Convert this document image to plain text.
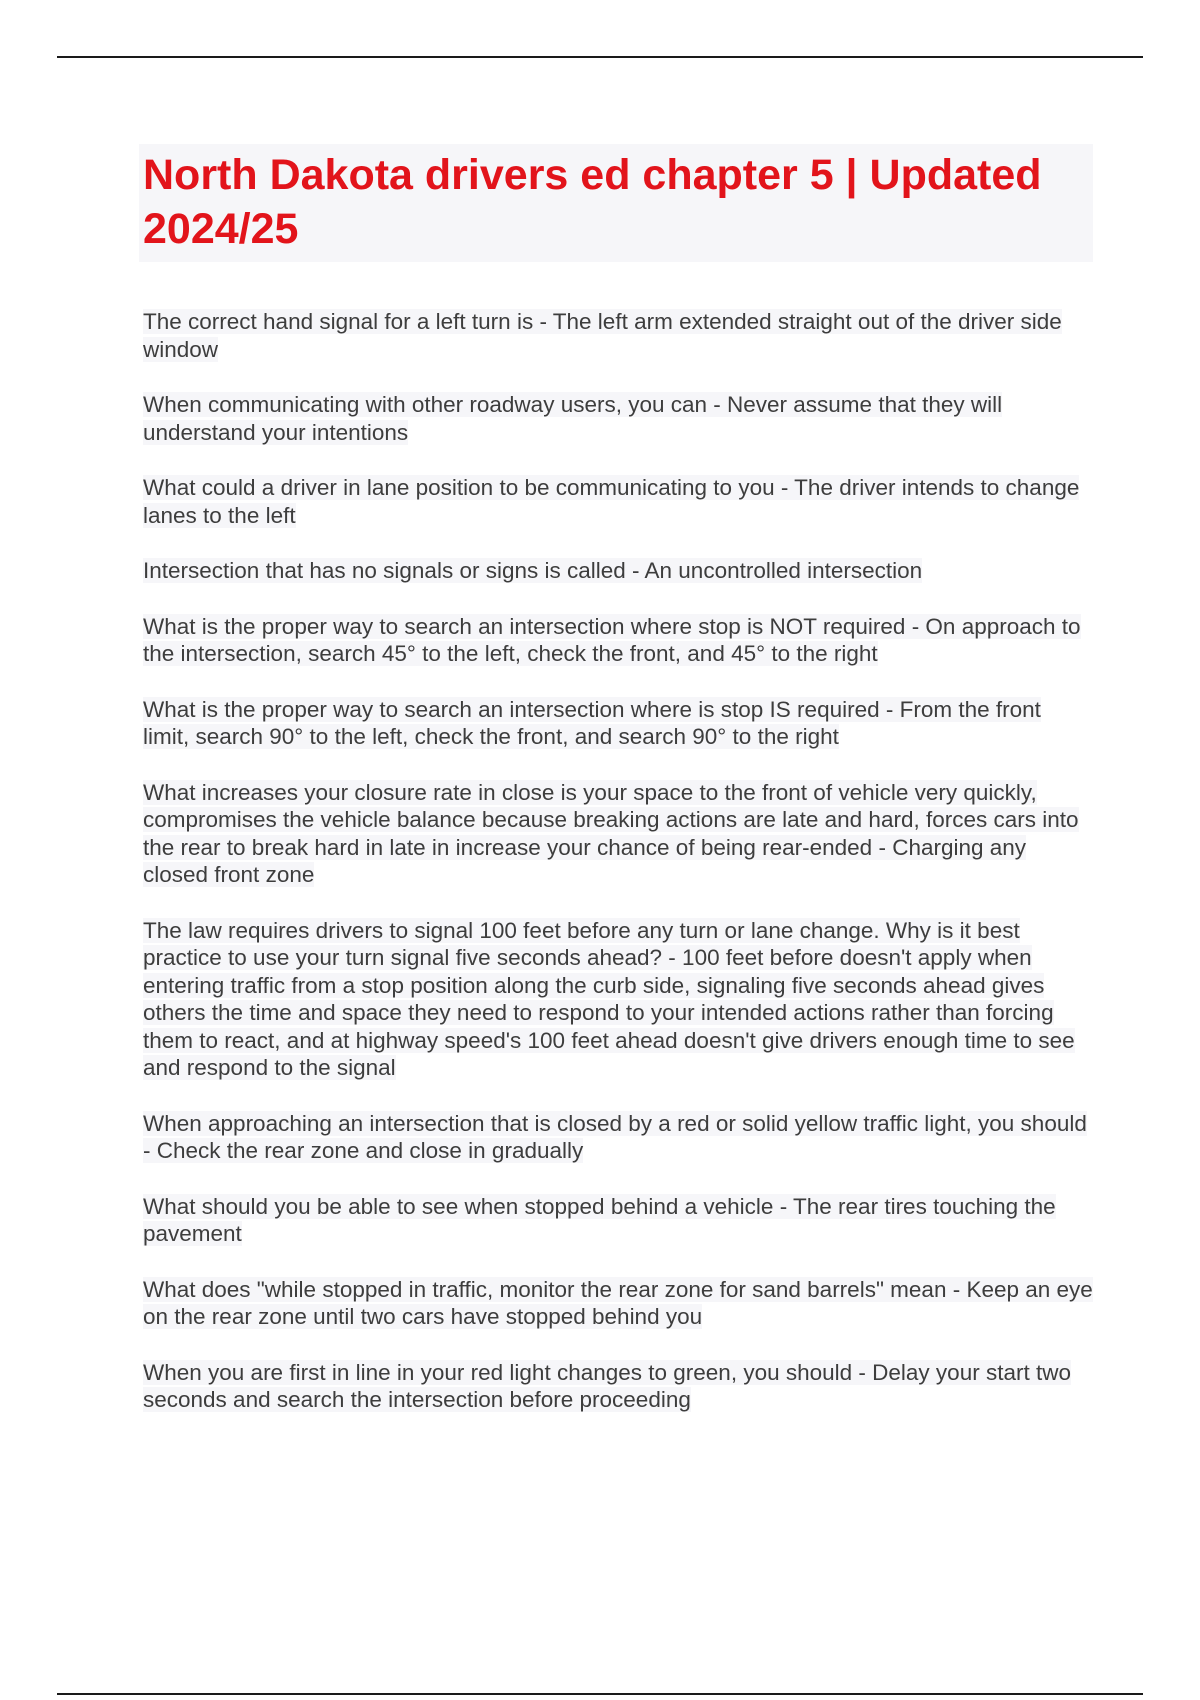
North Dakota drivers ed chapter 5 | Updated 2024/25

The correct hand signal for a left turn is - The left arm extended straight out of the driver side window

When communicating with other roadway users, you can - Never assume that they will understand your intentions

What could a driver in lane position to be communicating to you - The driver intends to change lanes to the left

Intersection that has no signals or signs is called - An uncontrolled intersection

What is the proper way to search an intersection where stop is NOT required - On approach to the intersection, search 45° to the left, check the front, and 45° to the right

What is the proper way to search an intersection where is stop IS required - From the front limit, search 90° to the left, check the front, and search 90° to the right

What increases your closure rate in close is your space to the front of vehicle very quickly, compromises the vehicle balance because breaking actions are late and hard, forces cars into the rear to break hard in late in increase your chance of being rear-ended - Charging any closed front zone

The law requires drivers to signal 100 feet before any turn or lane change. Why is it best practice to use your turn signal five seconds ahead? - 100 feet before doesn't apply when entering traffic from a stop position along the curb side, signaling five seconds ahead gives others the time and space they need to respond to your intended actions rather than forcing them to react, and at highway speed's 100 feet ahead doesn't give drivers enough time to see and respond to the signal

When approaching an intersection that is closed by a red or solid yellow traffic light, you should - Check the rear zone and close in gradually

What should you be able to see when stopped behind a vehicle - The rear tires touching the pavement

What does "while stopped in traffic, monitor the rear zone for sand barrels" mean - Keep an eye on the rear zone until two cars have stopped behind you

When you are first in line in your red light changes to green, you should - Delay your start two seconds and search the intersection before proceeding
